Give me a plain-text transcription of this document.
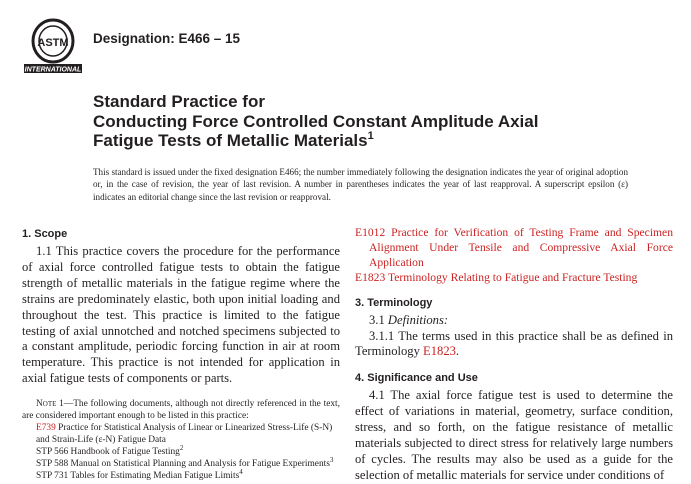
ASTM
INTERNATIONAL
Designation: E466 – 15
Standard Practice for
Conducting Force Controlled Constant Amplitude Axial
Fatigue Tests of Metallic Materials$^1$
This standard is issued under the fixed designation E466; the number immediately following the designation indicates the year of original adoption or, in the case of revision, the year of last revision. A number in parentheses indicates the year of last reapproval. A superscript epsilon (ε) indicates an editorial change since the last revision or reapproval.

1. Scope

1.1 This practice covers the procedure for the performance of axial force controlled fatigue tests to obtain the fatigue strength of metallic materials in the fatigue regime where the strains are predominately elastic, both upon initial loading and throughout the test. This practice is limited to the fatigue testing of axial unnotched and notched specimens subjected to a constant amplitude, periodic forcing function in air at room temperature. This practice is not intended for application in axial fatigue tests of components or parts.

Note 1—The following documents, although not directly referenced in the text, are considered important enough to be listed in this practice:

E739 Practice for Statistical Analysis of Linear or Linearized Stress-Life (S-N) and Strain-Life (ε-N) Fatigue Data

STP 566 Handbook of Fatigue Testing$^2$

STP 588 Manual on Statistical Planning and Analysis for Fatigue Experiments$^3$

STP 731 Tables for Estimating Median Fatigue Limits$^4$

E1012 Practice for Verification of Testing Frame and Specimen Alignment Under Tensile and Compressive Axial Force Application

E1823 Terminology Relating to Fatigue and Fracture Testing

3. Terminology

3.1 Definitions:

3.1.1 The terms used in this practice shall be as defined in Terminology E1823.

4. Significance and Use

4.1 The axial force fatigue test is used to determine the effect of variations in material, geometry, surface condition, stress, and so forth, on the fatigue resistance of metallic materials subjected to direct stress for relatively large numbers of cycles. The results may also be used as a guide for the selection of metallic materials for service under conditions of
